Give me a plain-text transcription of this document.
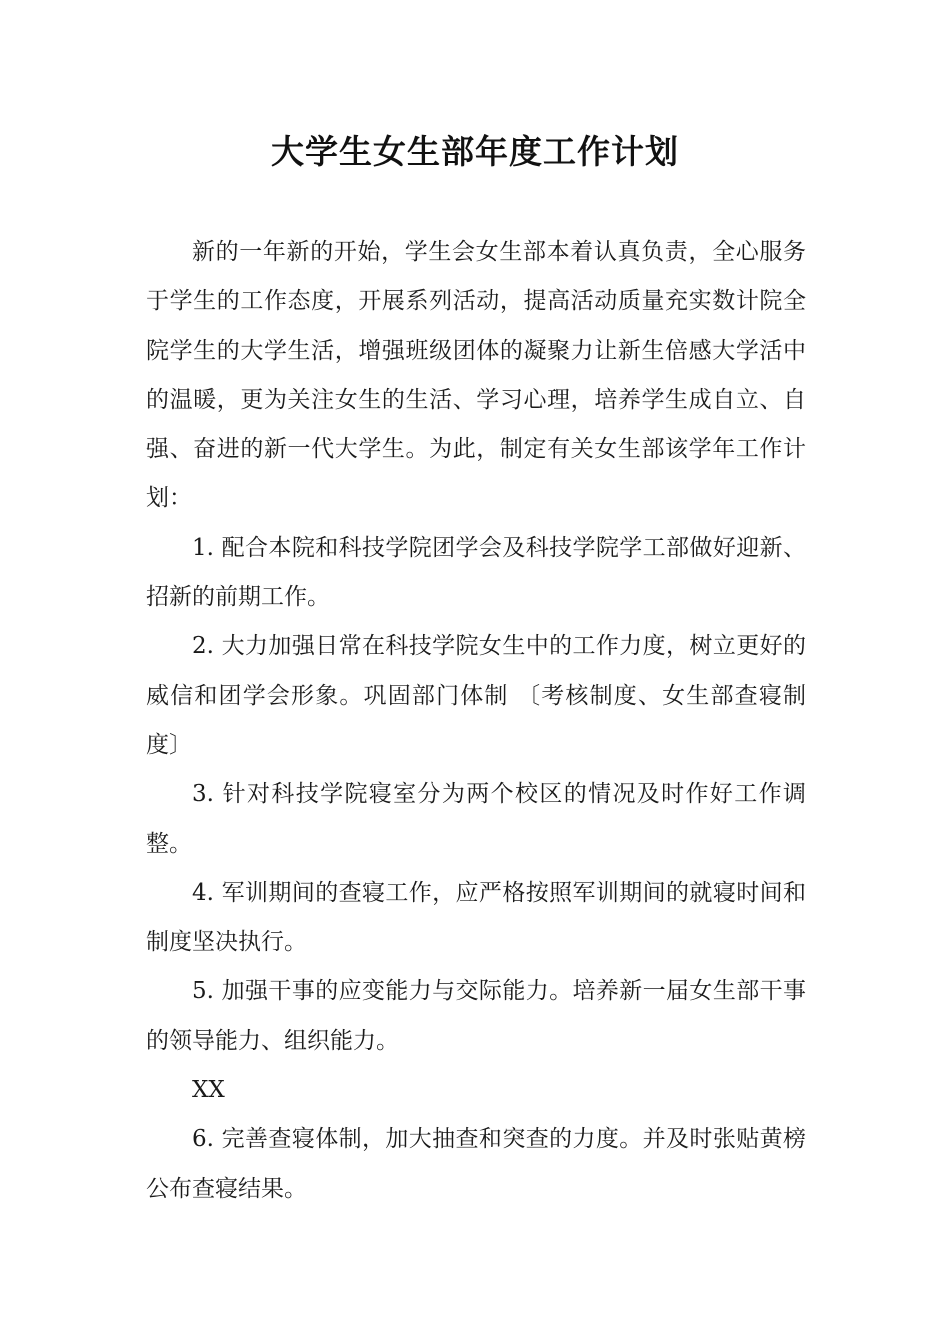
大学生女生部年度工作计划

新的一年新的开始，学生会女生部本着认真负责，全心服务于学生的工作态度，开展系列活动，提高活动质量充实数计院全院学生的大学生活，增强班级团体的凝聚力让新生倍感大学活中的温暖，更为关注女生的生活、学习心理，培养学生成自立、自强、奋进的新一代大学生。为此，制定有关女生部该学年工作计划：

1. 配合本院和科技学院团学会及科技学院学工部做好迎新、招新的前期工作。

2. 大力加强日常在科技学院女生中的工作力度，树立更好的威信和团学会形象。巩固部门体制 〔考核制度、女生部查寝制度〕

3. 针对科技学院寝室分为两个校区的情况及时作好工作调整。

4. 军训期间的查寝工作，应严格按照军训期间的就寝时间和制度坚决执行。

5. 加强干事的应变能力与交际能力。培养新一届女生部干事的领导能力、组织能力。

XX

6. 完善查寝体制，加大抽查和突查的力度。并及时张贴黄榜公布查寝结果。
